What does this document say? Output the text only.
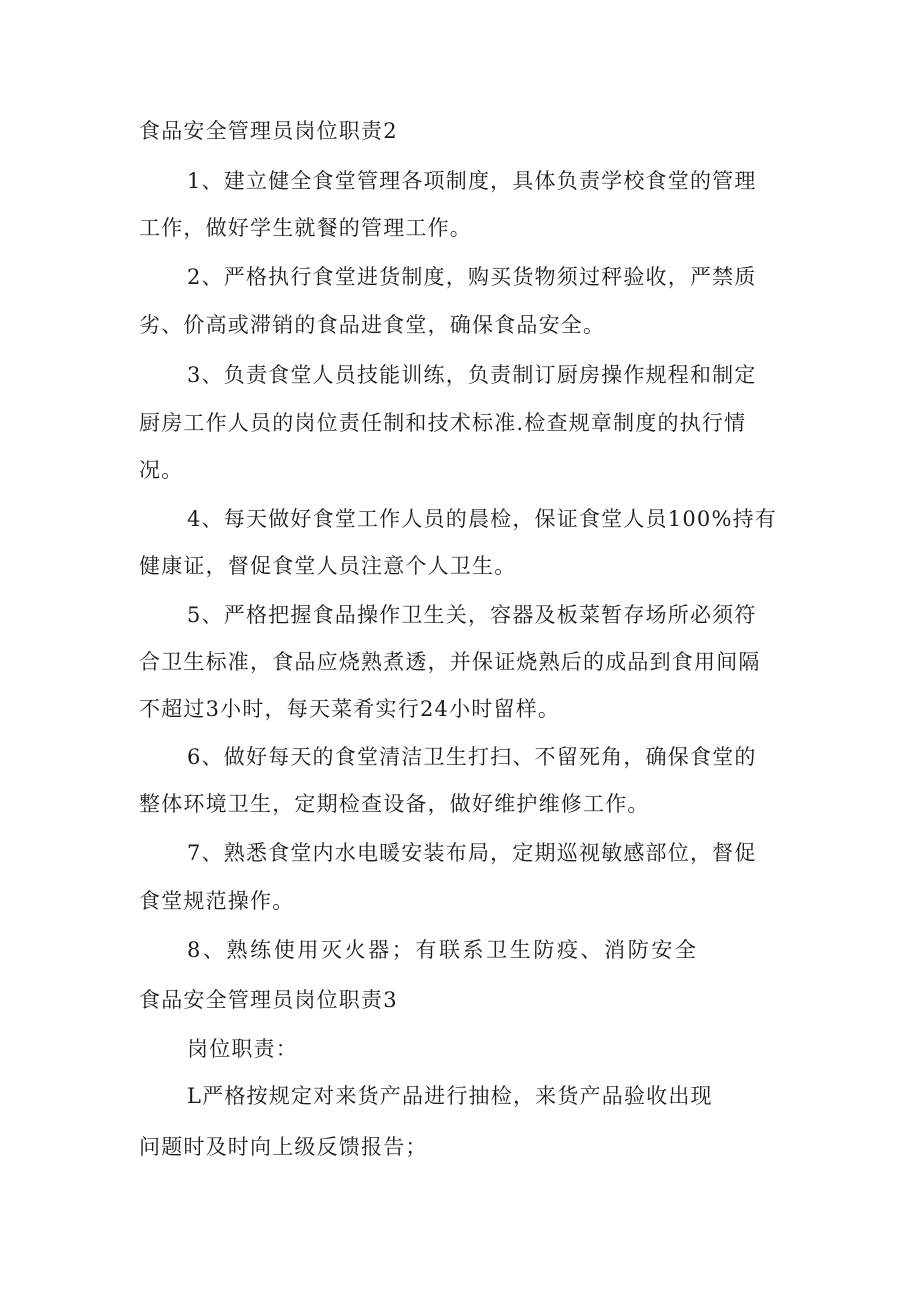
食品安全管理员岗位职责2
1、建立健全食堂管理各项制度，具体负责学校食堂的管理
工作，做好学生就餐的管理工作。
2、严格执行食堂进货制度，购买货物须过秤验收，严禁质
劣、价高或滞销的食品进食堂，确保食品安全。
3、负责食堂人员技能训练，负责制订厨房操作规程和制定
厨房工作人员的岗位责任制和技术标准.检查规章制度的执行情
况。
4、每天做好食堂工作人员的晨检，保证食堂人员100%持有
健康证，督促食堂人员注意个人卫生。
5、严格把握食品操作卫生关，容器及板菜暂存场所必须符
合卫生标准，食品应烧熟煮透，并保证烧熟后的成品到食用间隔
不超过3小时，每天菜肴实行24小时留样。
6、做好每天的食堂清洁卫生打扫、不留死角，确保食堂的
整体环境卫生，定期检查设备，做好维护维修工作。
7、熟悉食堂内水电暖安装布局，定期巡视敏感部位，督促
食堂规范操作。
8、熟练使用灭火器；有联系卫生防疫、消防安全
食品安全管理员岗位职责3
岗位职责：
L严格按规定对来货产品进行抽检，来货产品验收出现
问题时及时向上级反馈报告；
